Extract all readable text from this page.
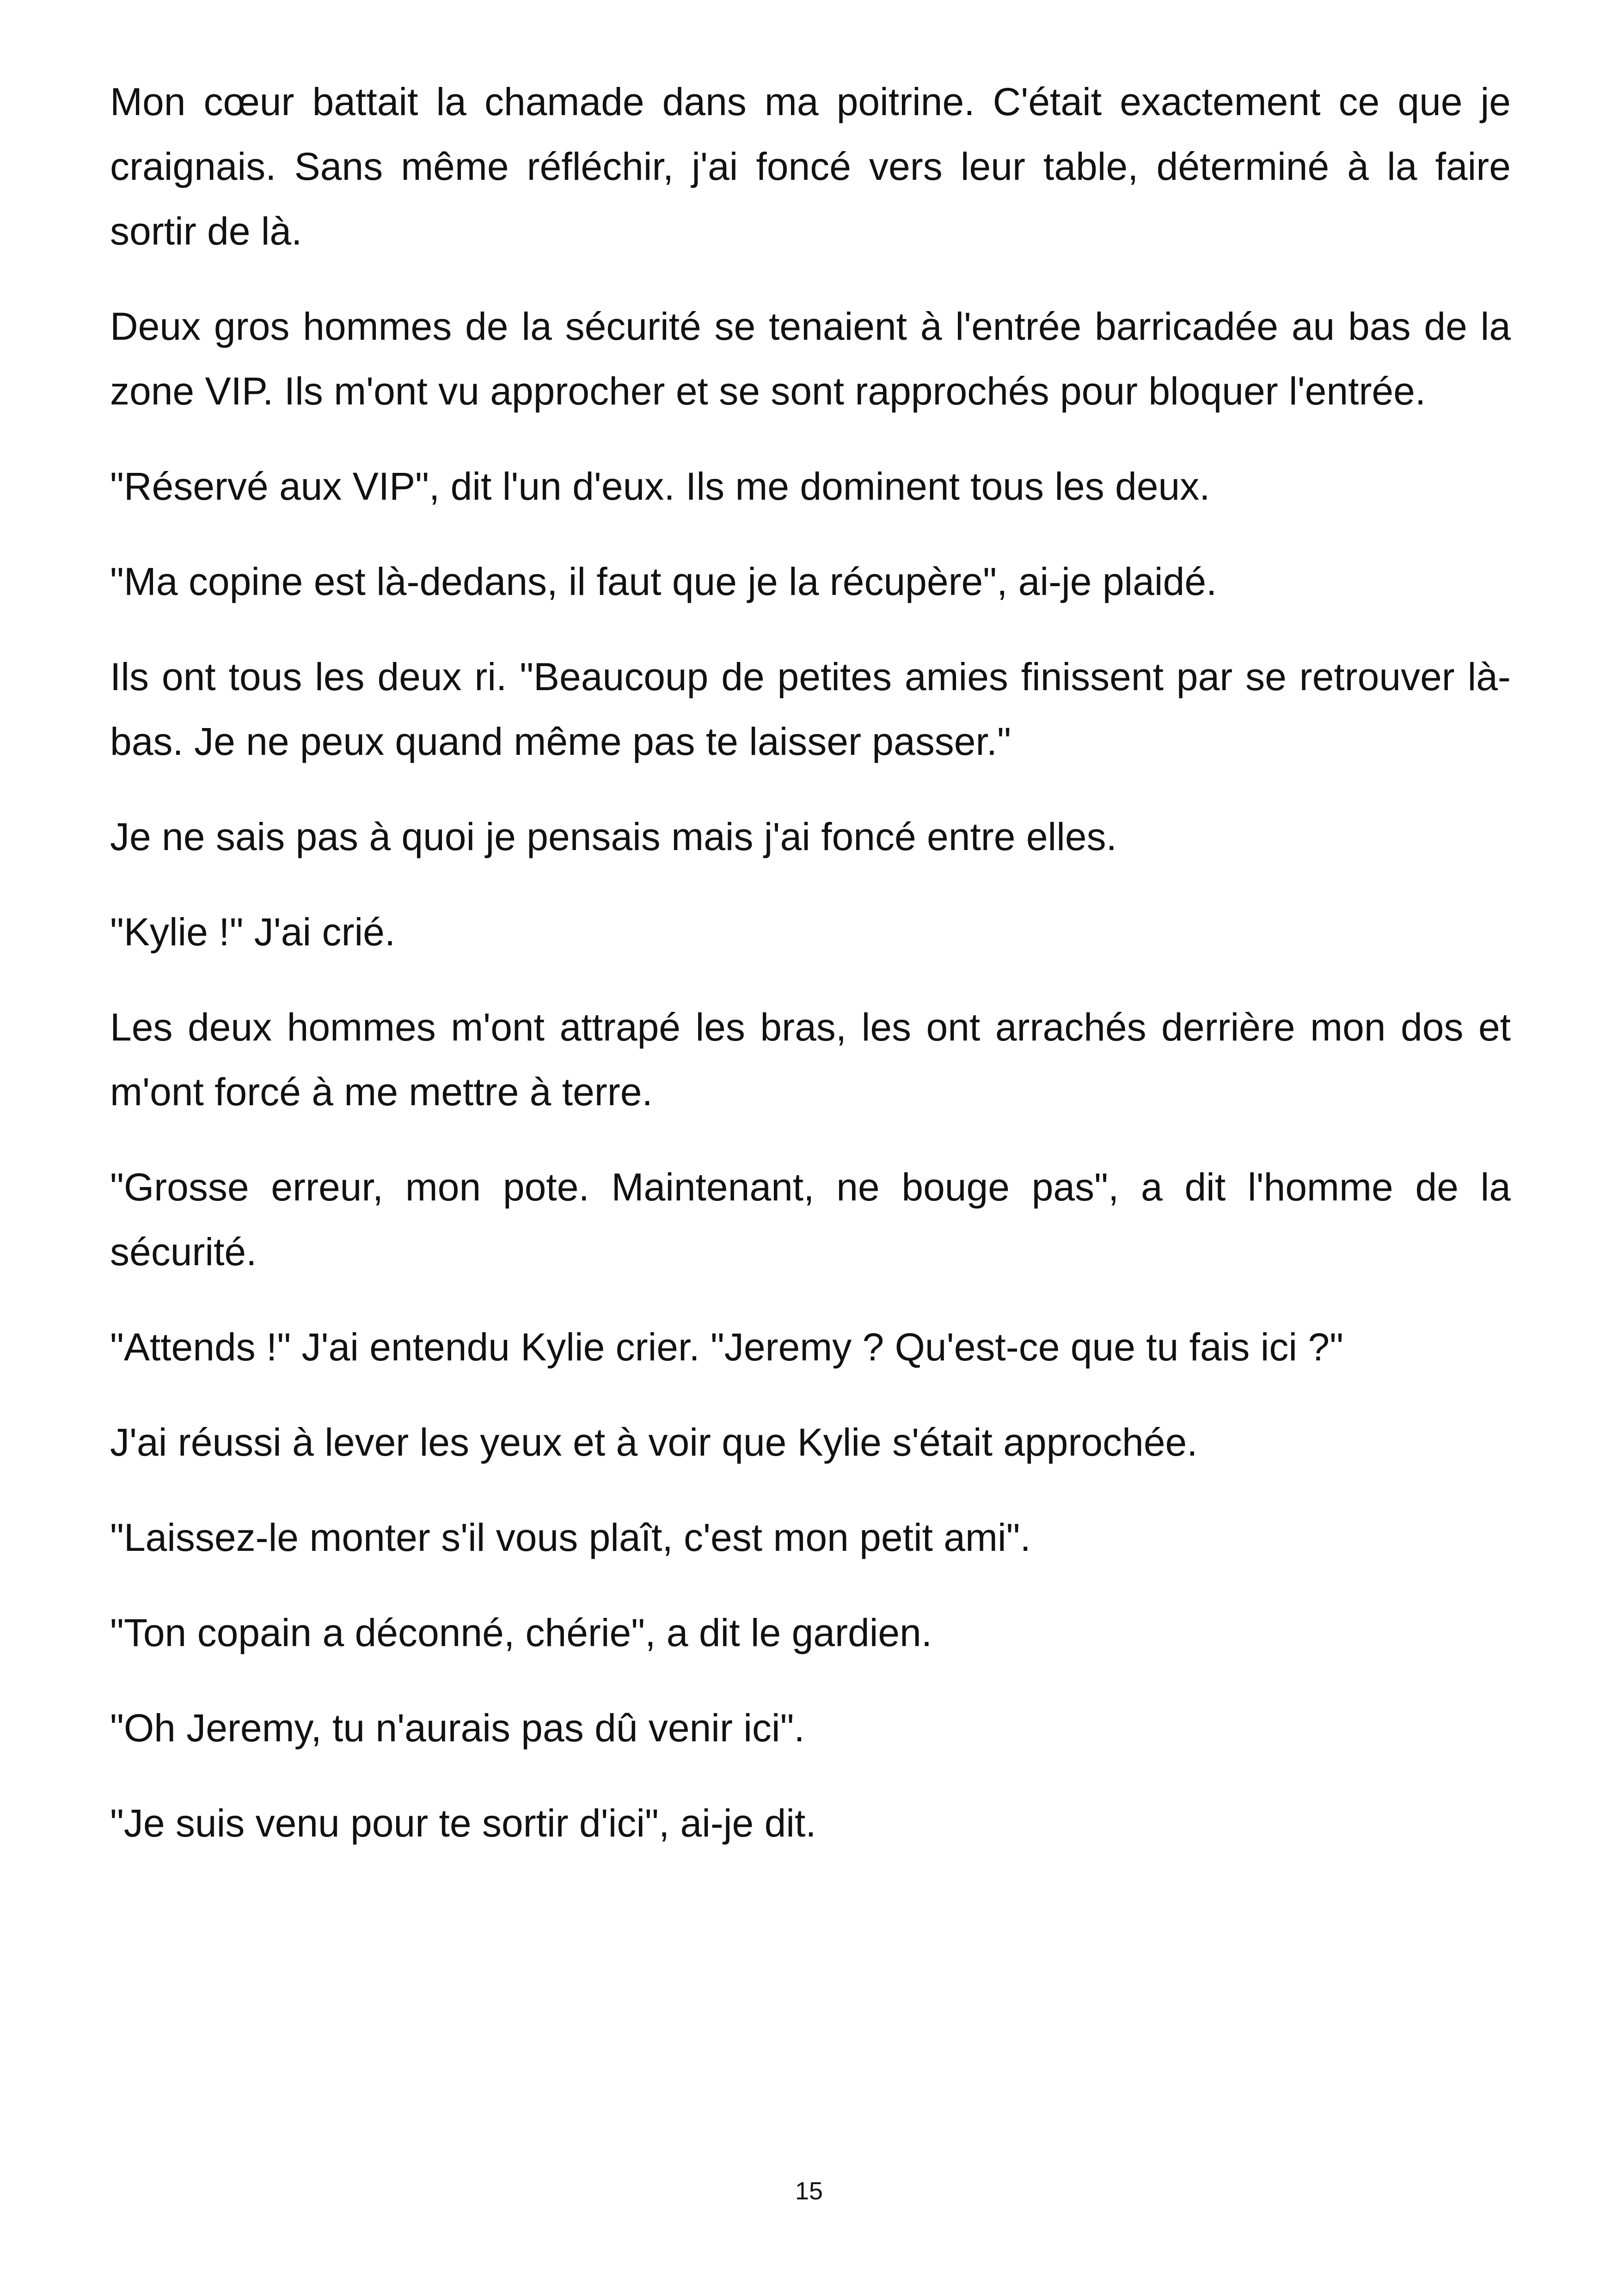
Mon cœur battait la chamade dans ma poitrine. C'était exactement ce que je craignais. Sans même réfléchir, j'ai foncé vers leur table, déterminé à la faire sortir de là.

Deux gros hommes de la sécurité se tenaient à l'entrée barricadée au bas de la zone VIP. Ils m'ont vu approcher et se sont rapprochés pour bloquer l'entrée.

"Réservé aux VIP", dit l'un d'eux. Ils me dominent tous les deux.

"Ma copine est là-dedans, il faut que je la récupère", ai-je plaidé.

Ils ont tous les deux ri. "Beaucoup de petites amies finissent par se retrouver là-bas. Je ne peux quand même pas te laisser passer."

Je ne sais pas à quoi je pensais mais j'ai foncé entre elles.

"Kylie !" J'ai crié.

Les deux hommes m'ont attrapé les bras, les ont arrachés derrière mon dos et m'ont forcé à me mettre à terre.

"Grosse erreur, mon pote. Maintenant, ne bouge pas", a dit l'homme de la sécurité.

"Attends !" J'ai entendu Kylie crier. "Jeremy ? Qu'est-ce que tu fais ici ?"

J'ai réussi à lever les yeux et à voir que Kylie s'était approchée.

"Laissez-le monter s'il vous plaît, c'est mon petit ami".

"Ton copain a déconné, chérie", a dit le gardien.

"Oh Jeremy, tu n'aurais pas dû venir ici".

"Je suis venu pour te sortir d'ici", ai-je dit.

15
